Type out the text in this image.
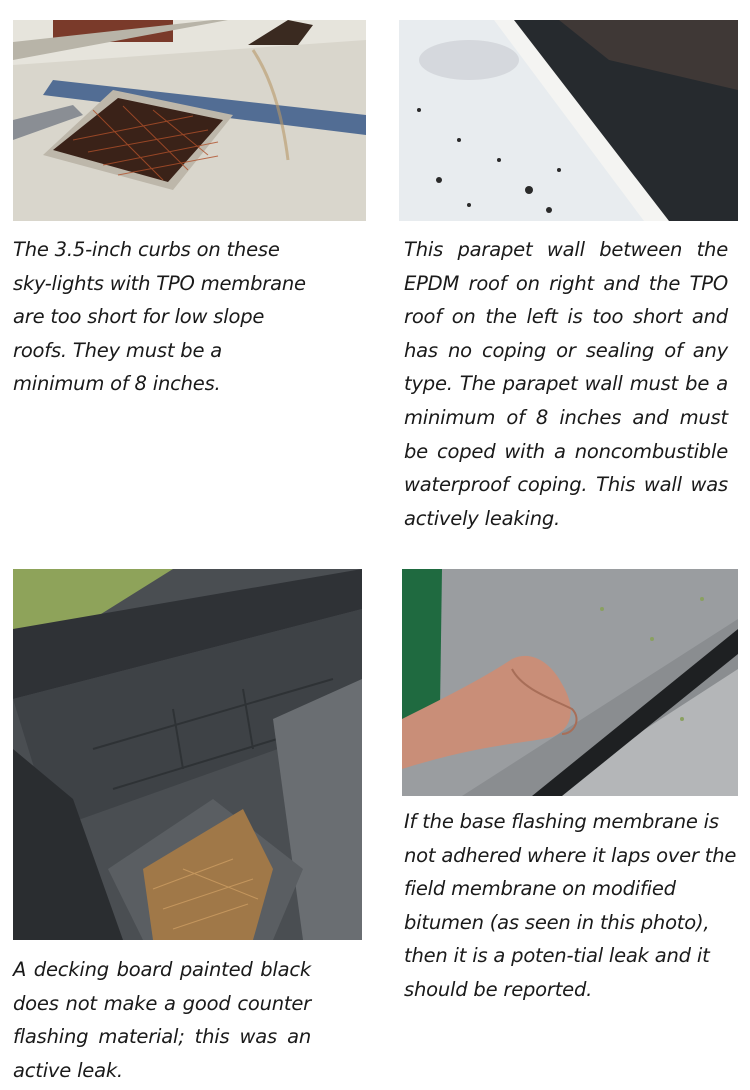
The 3.5-inch curbs on these sky-lights with TPO membrane are too short for low slope roofs. They must be a minimum of 8 inches.
This parapet wall between the EPDM roof on right and the TPO roof on the left is too short and has no coping or sealing of any type. The parapet wall must be a minimum of 8 inches and must be coped with a noncombustible waterproof coping. This wall was actively leaking.
A decking board painted black does not make a good counter flashing material; this was an active leak.
If the base flashing membrane is not adhered where it laps over the field membrane on modified bitumen (as seen in this photo), then it is a poten-tial leak and it should be reported.
